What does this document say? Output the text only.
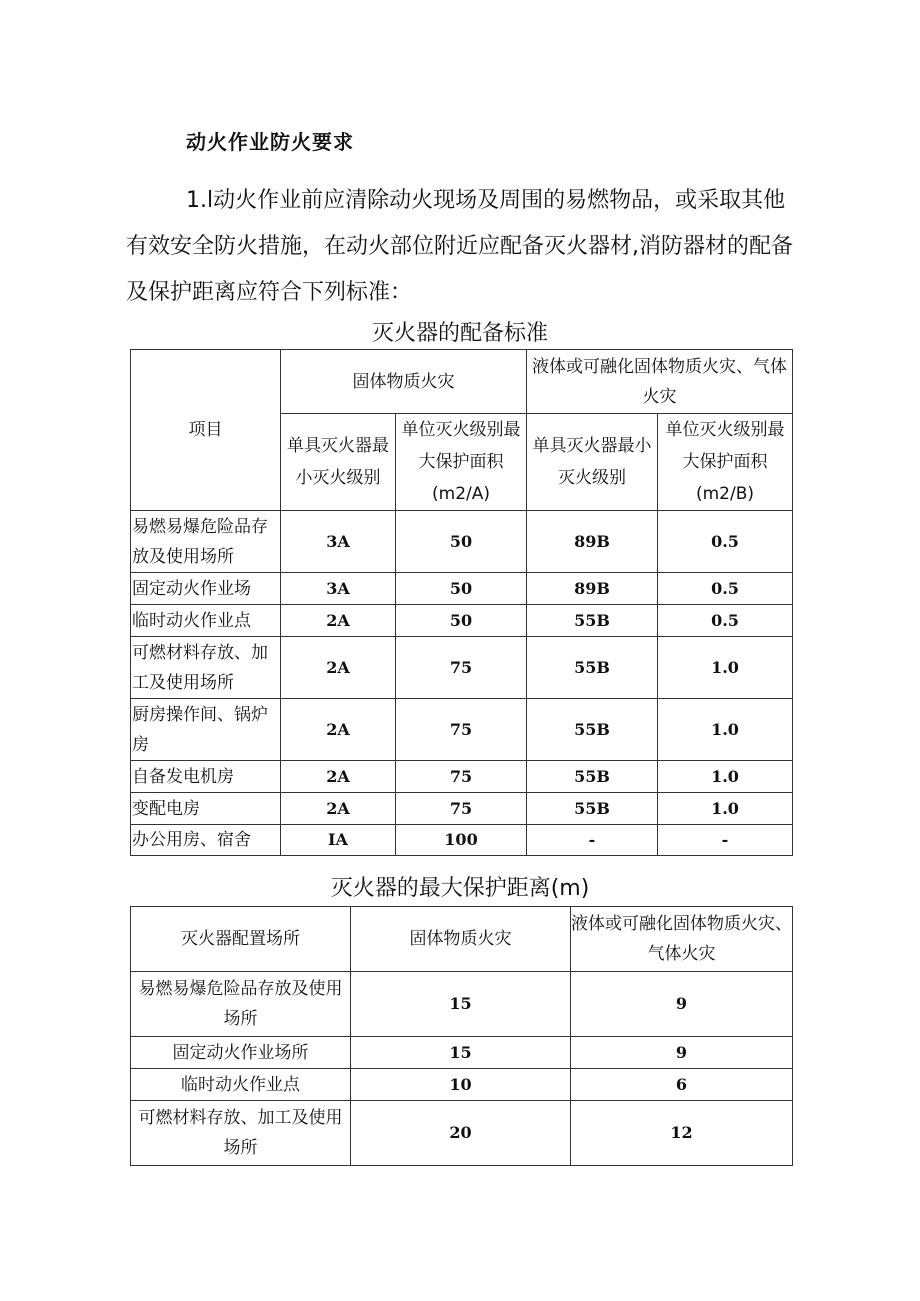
动火作业防火要求
1.l动火作业前应清除动火现场及周围的易燃物品，或采取其他有效安全防火措施，在动火部位附近应配备灭火器材,消防器材的配备及保护距离应符合下列标准：
灭火器的配备标准
项目	固体物质火灾		液体或可融化固体物质火灾、气体火灾	
	单具灭火器最小灭火级别	单位灭火级别最大保护面积(m2/A)	单具灭火器最小灭火级别	单位灭火级别最大保护面积(m2/B)
易燃易爆危险品存放及使用场所	3A	50	89B	0.5
固定动火作业场	3A	50	89B	0.5
临时动火作业点	2A	50	55B	0.5
可燃材料存放、加工及使用场所	2A	75	55B	1.0
厨房操作间、锅炉房	2A	75	55B	1.0
自备发电机房	2A	75	55B	1.0
变配电房	2A	75	55B	1.0
办公用房、宿舍	IA	100	-	-
灭火器的最大保护距离(m)
灭火器配置场所	固体物质火灾	液体或可融化固体物质火灾、气体火灾
易燃易爆危险品存放及使用场所	15	9
固定动火作业场所	15	9
临时动火作业点	10	6
可燃材料存放、加工及使用场所	20	12
